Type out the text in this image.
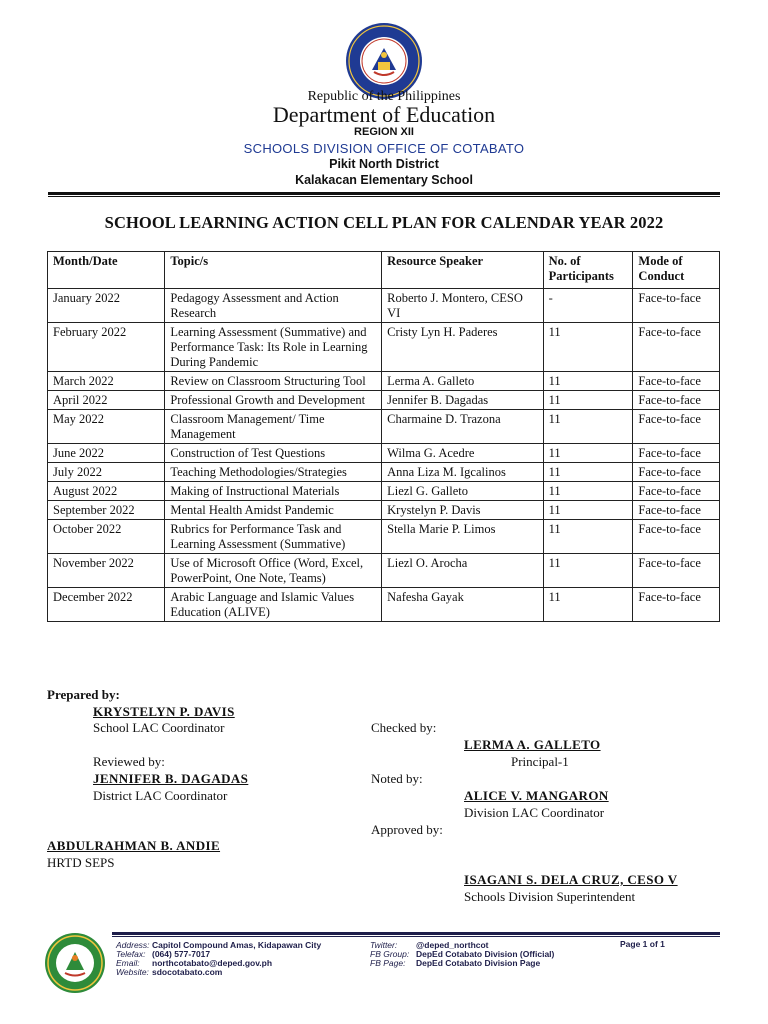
Republic of the Philippines
Department of Education
REGION XII
SCHOOLS DIVISION OFFICE OF COTABATO
Pikit North District
Kalakacan Elementary School
SCHOOL LEARNING ACTION CELL PLAN FOR CALENDAR YEAR 2022
Month/Date	Topic/s	Resource Speaker	No. of Participants	Mode of Conduct
January 2022	Pedagogy Assessment and Action Research	Roberto J. Montero, CESO VI	-	Face-to-face
February 2022	Learning Assessment (Summative) and Performance Task: Its Role in Learning During Pandemic	Cristy Lyn H. Paderes	11	Face-to-face
March 2022	Review on Classroom Structuring Tool	Lerma A. Galleto	11	Face-to-face
April 2022	Professional Growth and Development	Jennifer B. Dagadas	11	Face-to-face
May 2022	Classroom Management/ Time Management	Charmaine D. Trazona	11	Face-to-face
June 2022	Construction of Test Questions	Wilma G. Acedre	11	Face-to-face
July 2022	Teaching Methodologies/Strategies	Anna Liza M. Igcalinos	11	Face-to-face
August 2022	Making of Instructional Materials	Liezl G. Galleto	11	Face-to-face
September 2022	Mental Health Amidst Pandemic	Krystelyn P. Davis	11	Face-to-face
October 2022	Rubrics for Performance Task and Learning Assessment (Summative)	Stella Marie P. Limos	11	Face-to-face
November 2022	Use of Microsoft Office (Word, Excel, PowerPoint, One Note, Teams)	Liezl O. Arocha	11	Face-to-face
December 2022	Arabic Language and Islamic Values Education (ALIVE)	Nafesha Gayak	11	Face-to-face
Prepared by:
KRYSTELYN P. DAVIS
School LAC Coordinator
Reviewed by:
JENNIFER B. DAGADAS
District LAC Coordinator
ABDULRAHMAN B. ANDIE
HRTD SEPS
Checked by:
LERMA A. GALLETO
Principal-1
Noted by:
ALICE V. MANGARON
Division LAC Coordinator
Approved by:
ISAGANI S. DELA CRUZ, CESO V
Schools Division Superintendent
Address: Capitol Compound Amas, Kidapawan City
Telefax: (064) 577-7017
Email: northcotabato@deped.gov.ph
Website: sdocotabato.com
Twitter: @deped_northcot
FB Group: DepEd Cotabato Division (Official)
FB Page: DepEd Cotabato Division Page
Page 1 of 1
